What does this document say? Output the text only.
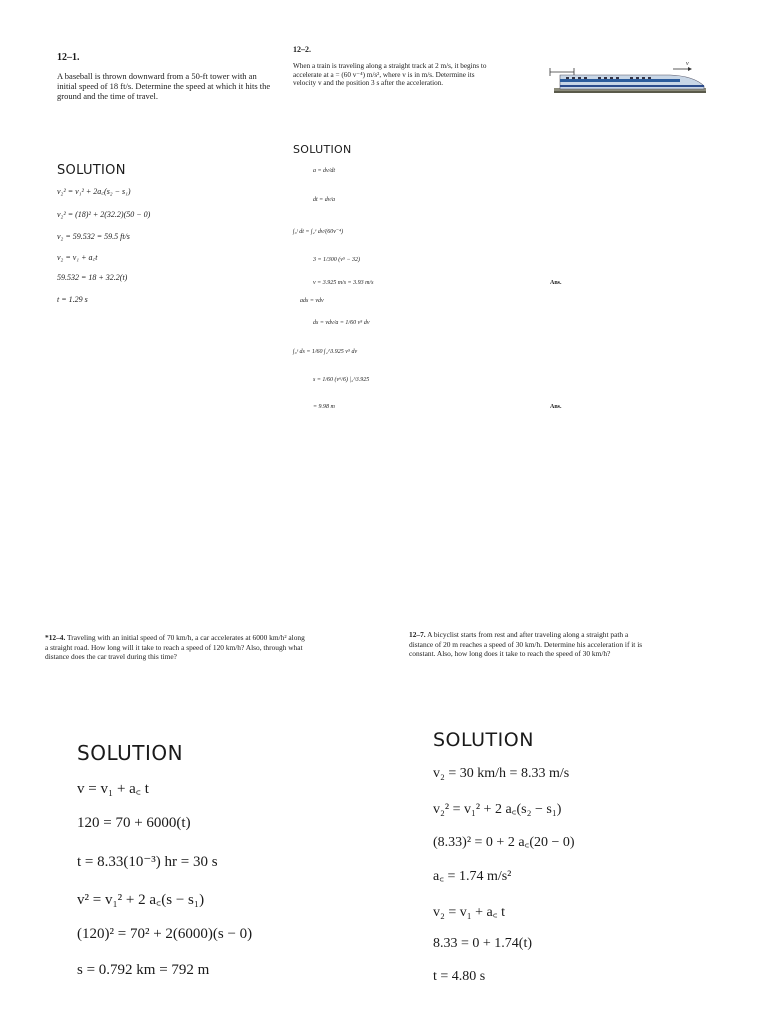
12–1.
A baseball is thrown downward from a 50-ft tower with an initial speed of 18 ft/s. Determine the speed at which it hits the ground and the time of travel.
SOLUTION
v₂² = v₁² + 2a꜀(s₂ − s₁)
v₂² = (18)² + 2(32.2)(50 − 0)
v₂ = 59.532 = 59.5 ft/s
v₂ = v₁ + a꜀t
59.532 = 18 + 32.2(t)
t = 1.29 s
12–2.
When a train is traveling along a straight track at 2 m/s, it begins to accelerate at a = (60 v⁻⁴) m/s², where v is in m/s. Determine its velocity v and the position 3 s after the acceleration.
v
SOLUTION
a = dv/dt
dt = dv/a
∫₀ᵗ dt = ∫₂ᵛ dv/(60v⁻⁴)
3 = 1/300 (v⁵ − 32)
v = 3.925 m/s = 3.93 m/s	Ans.
ads = vdv
ds = vdv/a = 1/60 v⁵ dv
∫₀ˢ ds = 1/60 ∫₂^3.925 v⁵ dv
s = 1/60 (v⁶/6) |₂^3.925
= 9.98 m	Ans.
*12–4. Traveling with an initial speed of 70 km/h, a car accelerates at 6000 km/h² along a straight road. How long will it take to reach a speed of 120 km/h? Also, through what distance does the car travel during this time?
SOLUTION
v = v₁ + a꜀ t
120 = 70 + 6000(t)
t = 8.33(10⁻³) hr = 30 s
v² = v₁² + 2 a꜀(s − s₁)
(120)² = 70² + 2(6000)(s − 0)
s = 0.792 km = 792 m
12–7. A bicyclist starts from rest and after traveling along a straight path a distance of 20 m reaches a speed of 30 km/h. Determine his acceleration if it is constant. Also, how long does it take to reach the speed of 30 km/h?
SOLUTION
v₂ = 30 km/h = 8.33 m/s
v₂² = v₁² + 2 a꜀(s₂ − s₁)
(8.33)² = 0 + 2 a꜀(20 − 0)
a꜀ = 1.74 m/s²
v₂ = v₁ + a꜀ t
8.33 = 0 + 1.74(t)
t = 4.80 s
